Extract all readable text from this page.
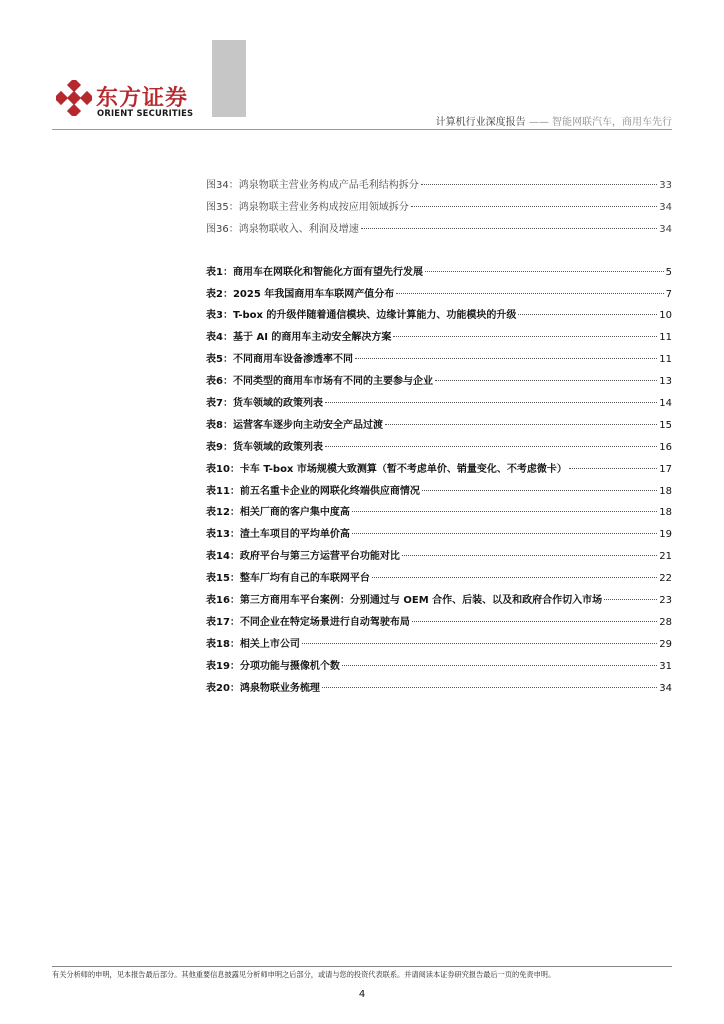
东方证券
ORIENT SECURITIES
计算机行业深度报告 —— 智能网联汽车，商用车先行
图34：鸿泉物联主营业务构成产品毛利结构拆分	33
图35：鸿泉物联主营业务构成按应用领域拆分	34
图36：鸿泉物联收入、利润及增速	34
表1：商用车在网联化和智能化方面有望先行发展	5
表2：2025 年我国商用车车联网产值分布	7
表3：T-box 的升级伴随着通信模块、边缘计算能力、功能模块的升级	10
表4：基于 AI 的商用车主动安全解决方案	11
表5：不同商用车设备渗透率不同	11
表6：不同类型的商用车市场有不同的主要参与企业	13
表7：货车领域的政策列表	14
表8：运营客车逐步向主动安全产品过渡	15
表9：货车领域的政策列表	16
表10：卡车 T-box 市场规模大致测算（暂不考虑单价、销量变化、不考虑微卡）	17
表11：前五名重卡企业的网联化终端供应商情况	18
表12：相关厂商的客户集中度高	18
表13：渣土车项目的平均单价高	19
表14：政府平台与第三方运营平台功能对比	21
表15：整车厂均有自己的车联网平台	22
表16：第三方商用车平台案例：分别通过与 OEM 合作、后装、以及和政府合作切入市场	23
表17：不同企业在特定场景进行自动驾驶布局	28
表18：相关上市公司	29
表19：分项功能与摄像机个数	31
表20：鸿泉物联业务梳理	34
有关分析师的申明，见本报告最后部分。其他重要信息披露见分析师申明之后部分，或请与您的投资代表联系。并请阅读本证券研究报告最后一页的免责申明。
4
